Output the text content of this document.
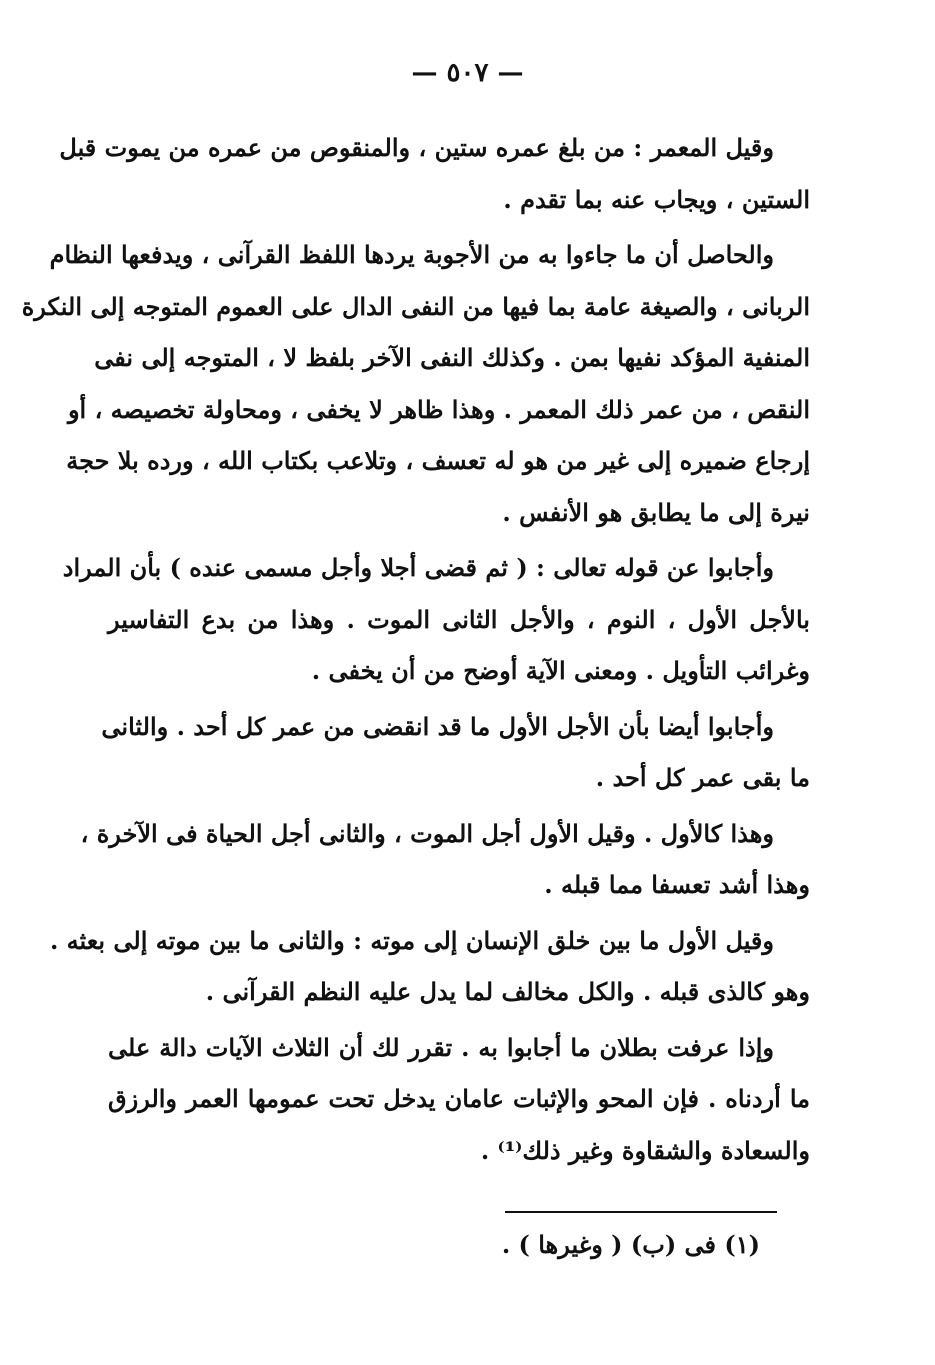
— ٥٠٧ —
وقيل المعمر : من بلغ عمره ستين ، والمنقوص من عمره من يموت قبل
الستين ، ويجاب عنه بما تقدم .
والحاصل أن ما جاءوا به من الأجوبة يردها اللفظ القرآنى ، ويدفعها النظام
الربانى ، والصيغة عامة بما فيها من النفى الدال على العموم المتوجه إلى النكرة
المنفية المؤكد نفيها بمن . وكذلك النفى الآخر بلفظ لا ، المتوجه إلى نفى
النقص ، من عمر ذلك المعمر . وهذا ظاهر لا يخفى ، ومحاولة تخصيصه ، أو
إرجاع ضميره إلى غير من هو له تعسف ، وتلاعب بكتاب الله ، ورده بلا حجة
نيرة إلى ما يطابق هو الأنفس .
وأجابوا عن قوله تعالى : ( ثم قضى أجلا وأجل مسمى عنده ) بأن المراد
بالأجل الأول ، النوم ، والأجل الثانى الموت . وهذا من بدع التفاسير
وغرائب التأويل . ومعنى الآية أوضح من أن يخفى .
وأجابوا أيضا بأن الأجل الأول ما قد انقضى من عمر كل أحد . والثانى
ما بقى عمر كل أحد .
وهذا كالأول . وقيل الأول أجل الموت ، والثانى أجل الحياة فى الآخرة ،
وهذا أشد تعسفا مما قبله .
وقيل الأول ما بين خلق الإنسان إلى موته : والثانى ما بين موته إلى بعثه .
وهو كالذى قبله . والكل مخالف لما يدل عليه النظم القرآنى .
وإذا عرفت بطلان ما أجابوا به . تقرر لك أن الثلاث الآيات دالة على
ما أردناه . فإن المحو والإثبات عامان يدخل تحت عمومها العمر والرزق
والسعادة والشقاوة وغير ذلك⁽¹⁾ .
(١) فى (ب) ( وغيرها ) .
